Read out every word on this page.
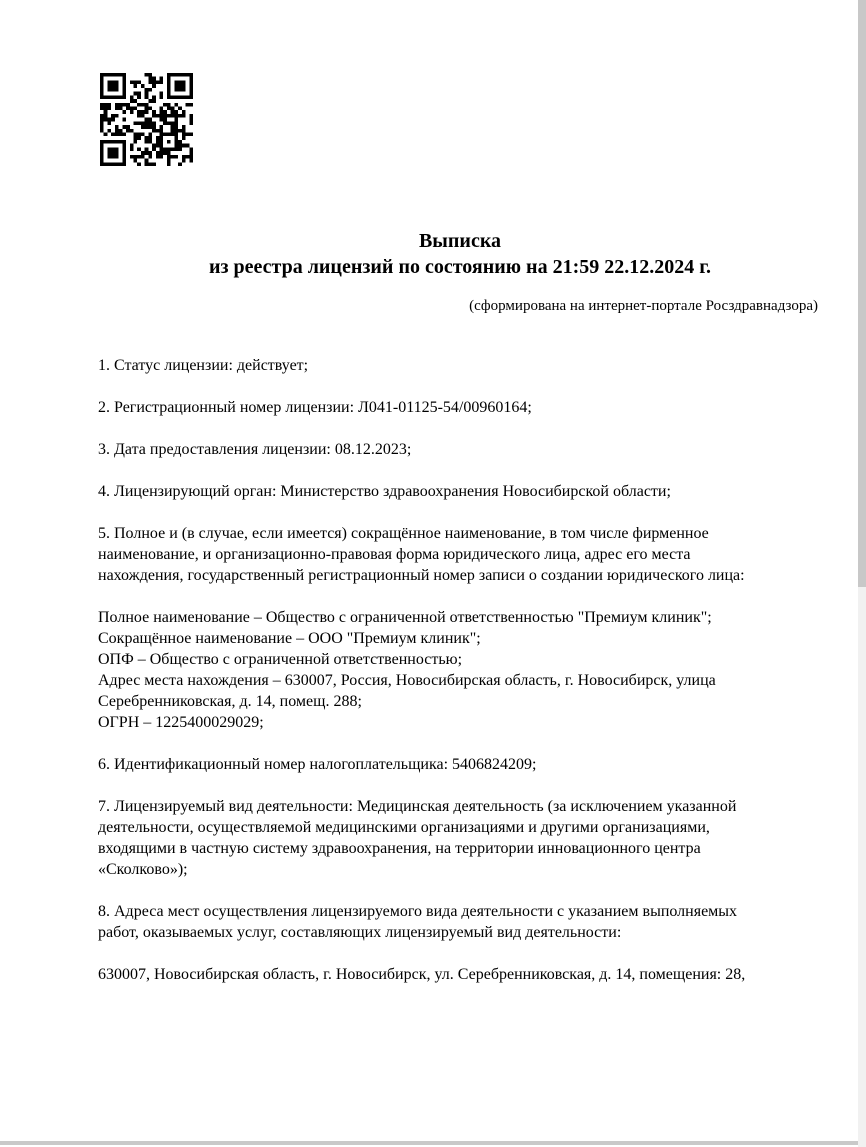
Выписка
из реестра лицензий по состоянию на 21:59 22.12.2024 г.
(сформирована на интернет-портале Росздравнадзора)
1. Статус лицензии: действует;
2. Регистрационный номер лицензии: Л041-01125-54/00960164;
3. Дата предоставления лицензии: 08.12.2023;
4. Лицензирующий орган: Министерство здравоохранения Новосибирской области;
5. Полное и (в случае, если имеется) сокращённое наименование, в том числе фирменное
наименование, и организационно-правовая форма юридического лица, адрес его места
нахождения, государственный регистрационный номер записи о создании юридического лица:
Полное наименование – Общество с ограниченной ответственностью "Премиум клиник";
Сокращённое наименование – ООО "Премиум клиник";
ОПФ – Общество с ограниченной ответственностью;
Адрес места нахождения – 630007, Россия, Новосибирская область, г. Новосибирск, улица
Серебренниковская, д. 14, помещ. 288;
ОГРН – 1225400029029;
6. Идентификационный номер налогоплательщика: 5406824209;
7. Лицензируемый вид деятельности: Медицинская деятельность (за исключением указанной
деятельности, осуществляемой медицинскими организациями и другими организациями,
входящими в частную систему здравоохранения, на территории инновационного центра
«Сколково»);
8. Адреса мест осуществления лицензируемого вида деятельности с указанием выполняемых
работ, оказываемых услуг, составляющих лицензируемый вид деятельности:
630007, Новосибирская область, г. Новосибирск, ул. Серебренниковская, д. 14, помещения: 28,
